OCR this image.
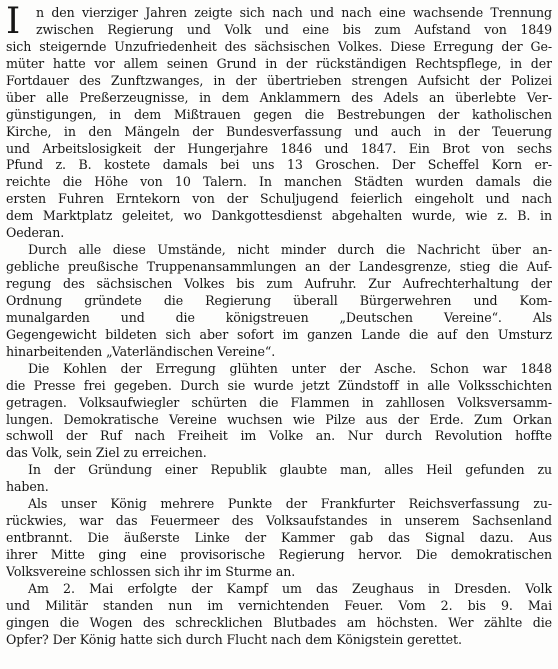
I	n den vierziger Jahren zeigte sich nach und nach eine wachsende Trennung
zwischen Regierung und Volk und eine bis zum Aufstand von 1849
sich steigernde Unzufriedenheit des sächsischen Volkes. Diese Erregung der Ge-
müter hatte vor allem seinen Grund in der rückständigen Rechtspflege, in der
Fortdauer des Zunftzwanges, in der übertrieben strengen Aufsicht der Polizei
über alle Preßerzeugnisse, in dem Anklammern des Adels an überlebte Ver-
günstigungen, in dem Mißtrauen gegen die Bestrebungen der katholischen
Kirche, in den Mängeln der Bundesverfassung und auch in der Teuerung
und Arbeitslosigkeit der Hungerjahre 1846 und 1847. Ein Brot von sechs
Pfund z. B. kostete damals bei uns 13 Groschen. Der Scheffel Korn er-
reichte die Höhe von 10 Talern. In manchen Städten wurden damals die
ersten Fuhren Erntekorn von der Schuljugend feierlich eingeholt und nach
dem Marktplatz geleitet, wo Dankgottesdienst abgehalten wurde, wie z. B. in
Oederan.
Durch alle diese Umstände, nicht minder durch die Nachricht über an-
gebliche preußische Truppenansammlungen an der Landesgrenze, stieg die Auf-
regung des sächsischen Volkes bis zum Aufruhr. Zur Aufrechterhaltung der
Ordnung gründete die Regierung überall Bürgerwehren und Kom-
munalgarden und die königstreuen „Deutschen Vereine“. Als
Gegengewicht bildeten sich aber sofort im ganzen Lande die auf den Umsturz
hinarbeitenden „Vaterländischen Vereine“.
Die Kohlen der Erregung glühten unter der Asche. Schon war 1848
die Presse frei gegeben. Durch sie wurde jetzt Zündstoff in alle Volksschichten
getragen. Volksaufwiegler schürten die Flammen in zahllosen Volksversamm-
lungen. Demokratische Vereine wuchsen wie Pilze aus der Erde. Zum Orkan
schwoll der Ruf nach Freiheit im Volke an. Nur durch Revolution hoffte
das Volk, sein Ziel zu erreichen.
In der Gründung einer Republik glaubte man, alles Heil gefunden zu
haben.
Als unser König mehrere Punkte der Frankfurter Reichsverfassung zu-
rückwies, war das Feuermeer des Volksaufstandes in unserem Sachsenland
entbrannt. Die äußerste Linke der Kammer gab das Signal dazu. Aus
ihrer Mitte ging eine provisorische Regierung hervor. Die demokratischen
Volksvereine schlossen sich ihr im Sturme an.
Am 2. Mai erfolgte der Kampf um das Zeughaus in Dresden. Volk
und Militär standen nun im vernichtenden Feuer. Vom 2. bis 9. Mai
gingen die Wogen des schrecklichen Blutbades am höchsten. Wer zählte die
Opfer? Der König hatte sich durch Flucht nach dem Königstein gerettet.
